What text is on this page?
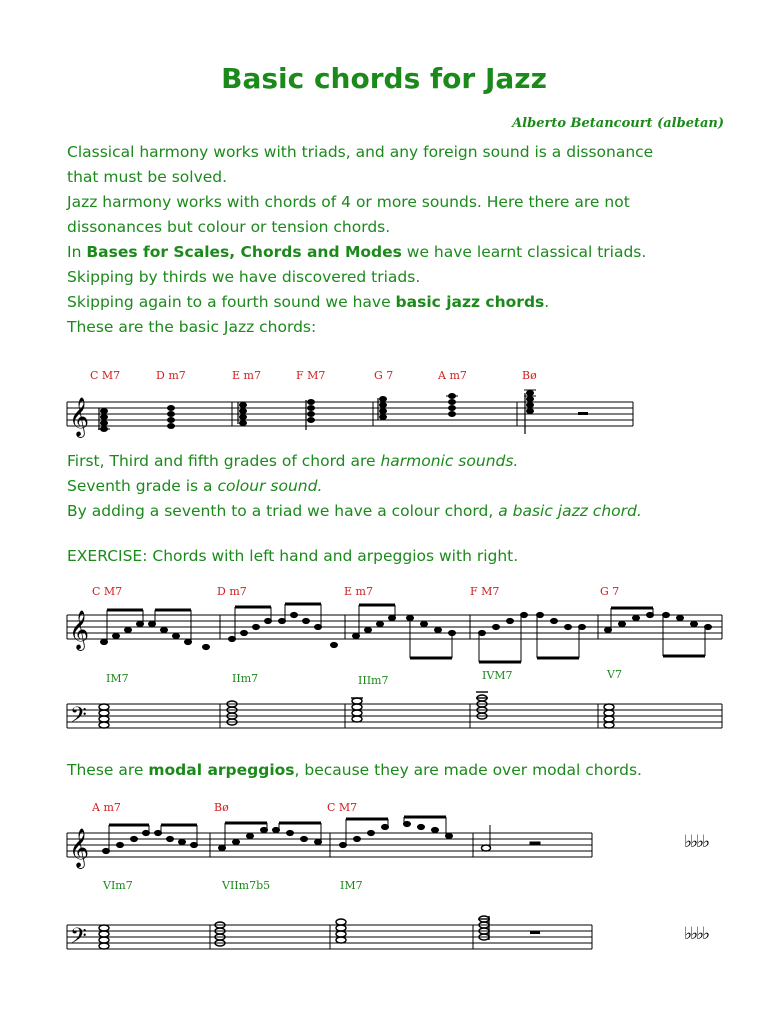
Basic chords for Jazz
Alberto Betancourt (albetan)

Classical harmony works with triads, and any foreign sound is a dissonance

that must be solved.

Jazz harmony works with chords of 4 or more sounds. Here there are not

dissonances but colour or tension chords.

In Bases for Scales, Chords and Modes we have learnt classical triads.

Skipping by thirds we have discovered triads.

Skipping again to a fourth sound we have basic jazz chords.

These are the basic Jazz chords:

C M7	D m7	E m7	F M7	G 7	A m7	Bø
𝄞

First, Third and fifth grades of chord are harmonic sounds.

Seventh grade is a colour sound.

By adding a seventh to a triad we have a colour chord, a basic jazz chord.

EXERCISE: Chords with left hand and arpeggios with right.
C M7	D m7	E m7	F M7	G 7
𝄞
IM7	IIm7	IIIm7	IVM7	V7
𝄢

These are modal arpeggios, because they are made over modal chords.

A m7	Bø	C M7
𝄞	♭♭♭♭
VIm7	VIIm7b5	IM7
𝄢	♭♭♭♭
